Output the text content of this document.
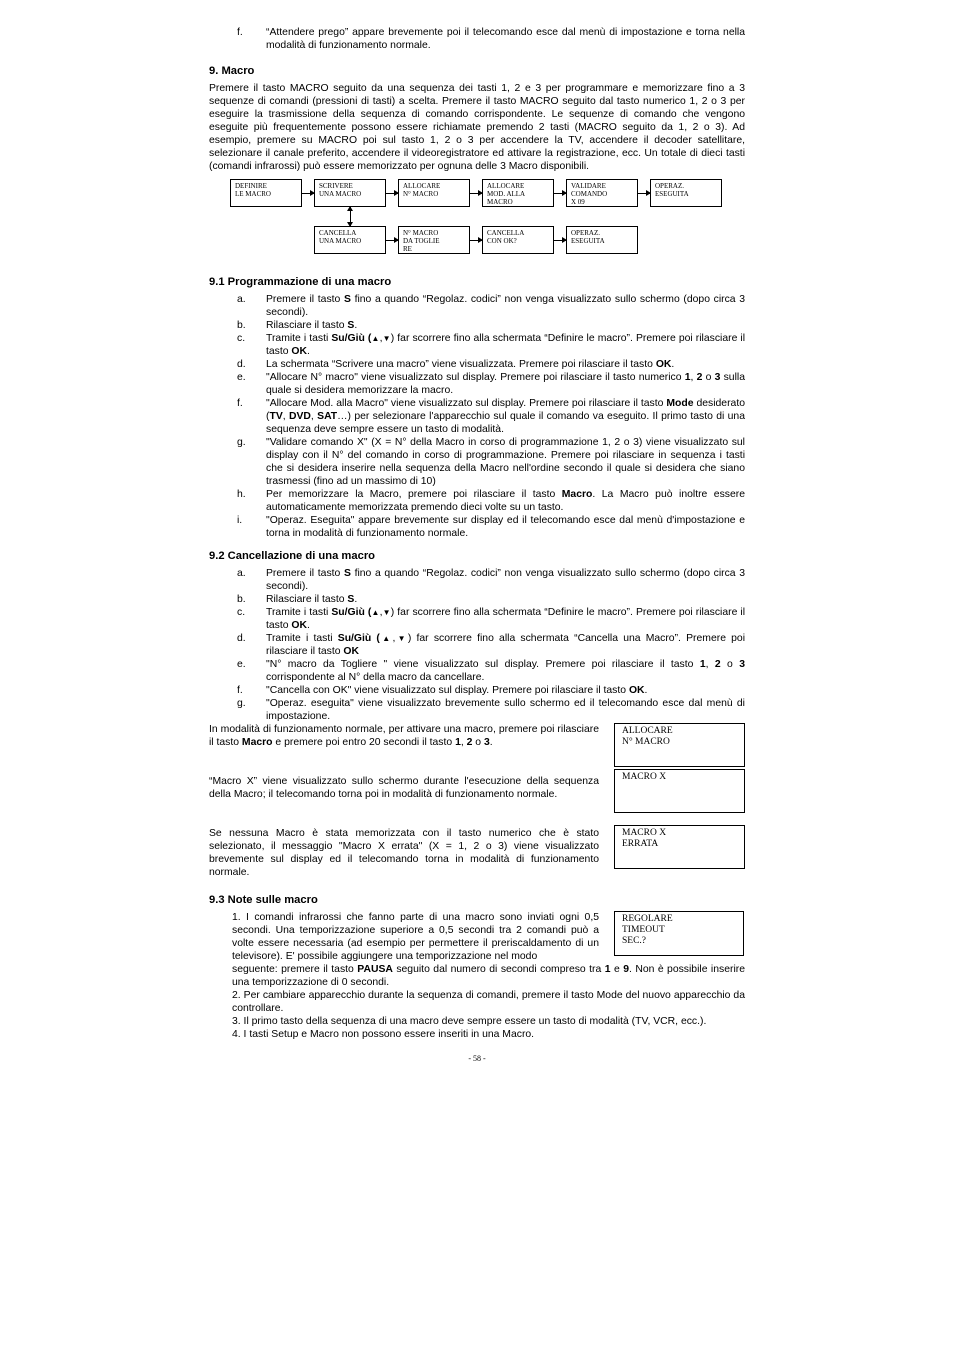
f. “Attendere prego” appare brevemente poi il telecomando esce dal menù di impostazione e torna nella modalità di funzionamento normale.
9. Macro

Premere il tasto MACRO seguito da una sequenza dei tasti 1, 2 e 3 per programmare e memorizzare fino a 3 sequenze di comandi (pressioni di tasti) a scelta. Premere il tasto MACRO seguito dal tasto numerico 1, 2 o 3 per eseguire la trasmissione della sequenza di comando corrispondente. Le sequenze di comando che vengono eseguite più frequentemente possono essere richiamate premendo 2 tasti (MACRO seguito da 1, 2 o 3). Ad esempio, premere su MACRO poi sul tasto 1, 2 o 3 per accendere la TV, accendere il decoder satellitare, selezionare il canale preferito, accendere il videoregistratore ed attivare la registrazione, ecc. Un totale di dieci tasti (comandi infrarossi) può essere memorizzato per ognuna delle 3 Macro disponibili.

DEFINIRE
LE MACRO
SCRIVERE
UNA MACRO
ALLOCARE
N° MACRO
ALLOCARE
MOD. ALLA
MACRO
VALIDARE
COMANDO
X 09
OPERAZ.
ESEGUITA
CANCELLA
UNA MACRO
N° MACRO
DA TOGLIE
RE
CANCELLA
CON OK?
OPERAZ.
ESEGUITA
9.1 Programmazione di una macro
a. Premere il tasto S fino a quando “Regolaz. codici” non venga visualizzato sullo schermo (dopo circa 3 secondi).
b. Rilasciare il tasto S.
c. Tramite i tasti Su/Giù (▲,▼) far scorrere fino alla schermata “Definire le macro”. Premere poi rilasciare il tasto OK.
d. La schermata “Scrivere una macro” viene visualizzata. Premere poi rilasciare il tasto OK.
e. "Allocare N° macro" viene visualizzato sul display. Premere poi rilasciare il tasto numerico 1, 2 o 3 sulla quale si desidera memorizzare la macro.
f. "Allocare Mod. alla Macro" viene visualizzato sul display. Premere poi rilasciare il tasto Mode desiderato (TV, DVD, SAT…) per selezionare l'apparecchio sul quale il comando va eseguito. Il primo tasto di una sequenza deve sempre essere un tasto di modalità.
g. "Validare comando X" (X = N° della Macro in corso di programmazione 1, 2 o 3) viene visualizzato sul display con il N° del comando in corso di programmazione. Premere poi rilasciare in sequenza i tasti che si desidera inserire nella sequenza della Macro nell'ordine secondo il quale si desidera che siano trasmessi (fino ad un massimo di 10)
h. Per memorizzare la Macro, premere poi rilasciare il tasto Macro. La Macro può inoltre essere automaticamente memorizzata premendo dieci volte su un tasto.
i. "Operaz. Eseguita" appare brevemente sur display ed il telecomando esce dal menù d'impostazione e torna in modalità di funzionamento normale.
9.2 Cancellazione di una macro
a. Premere il tasto S fino a quando “Regolaz. codici” non venga visualizzato sullo schermo (dopo circa 3 secondi).
b. Rilasciare il tasto S.
c. Tramite i tasti Su/Giù (▲,▼) far scorrere fino alla schermata “Definire le macro”. Premere poi rilasciare il tasto OK.
d. Tramite i tasti Su/Giù (▲,▼) far scorrere fino alla schermata “Cancella una Macro”. Premere poi rilasciare il tasto OK
e. "N° macro da Togliere " viene visualizzato sul display. Premere poi rilasciare il tasto 1, 2 o 3 corrispondente al N° della macro da cancellare.
f. "Cancella con OK" viene visualizzato sul display. Premere poi rilasciare il tasto OK.
g. "Operaz. eseguita" viene visualizzato brevemente sullo schermo ed il telecomando esce dal menù di impostazione.

In modalità di funzionamento normale, per attivare una macro, premere poi rilasciare il tasto Macro e premere poi entro 20 secondi il tasto 1, 2 o 3.

ALLOCARE
N° MACRO

“Macro X” viene visualizzato sullo schermo durante l'esecuzione della sequenza della Macro; il telecomando torna poi in modalità di funzionamento normale.

MACRO X

Se nessuna Macro è stata memorizzata con il tasto numerico che è stato selezionato, il messaggio "Macro X errata" (X = 1, 2 o 3) viene visualizzato brevemente sul display ed il telecomando torna in modalità di funzionamento normale.

MACRO X
ERRATA
9.3 Note sulle macro
REGOLARE
TIMEOUT
SEC.?
1. I comandi infrarossi che fanno parte di una macro sono inviati ogni 0,5 secondi. Una temporizzazione superiore a 0,5 secondi tra 2 comandi può a volte essere necessaria (ad esempio per permettere il preriscaldamento di un televisore). E' possibile aggiungere una temporizzazione nel modo
seguente: premere il tasto PAUSA seguito dal numero di secondi compreso tra 1 e 9. Non è possibile inserire una temporizzazione di 0 secondi.
2. Per cambiare apparecchio durante la sequenza di comandi, premere il tasto Mode del nuovo apparecchio da controllare.
3. Il primo tasto della sequenza di una macro deve sempre essere un tasto di modalità (TV, VCR, ecc.).
4. I tasti Setup e Macro non possono essere inseriti in una Macro.
- 58 -
